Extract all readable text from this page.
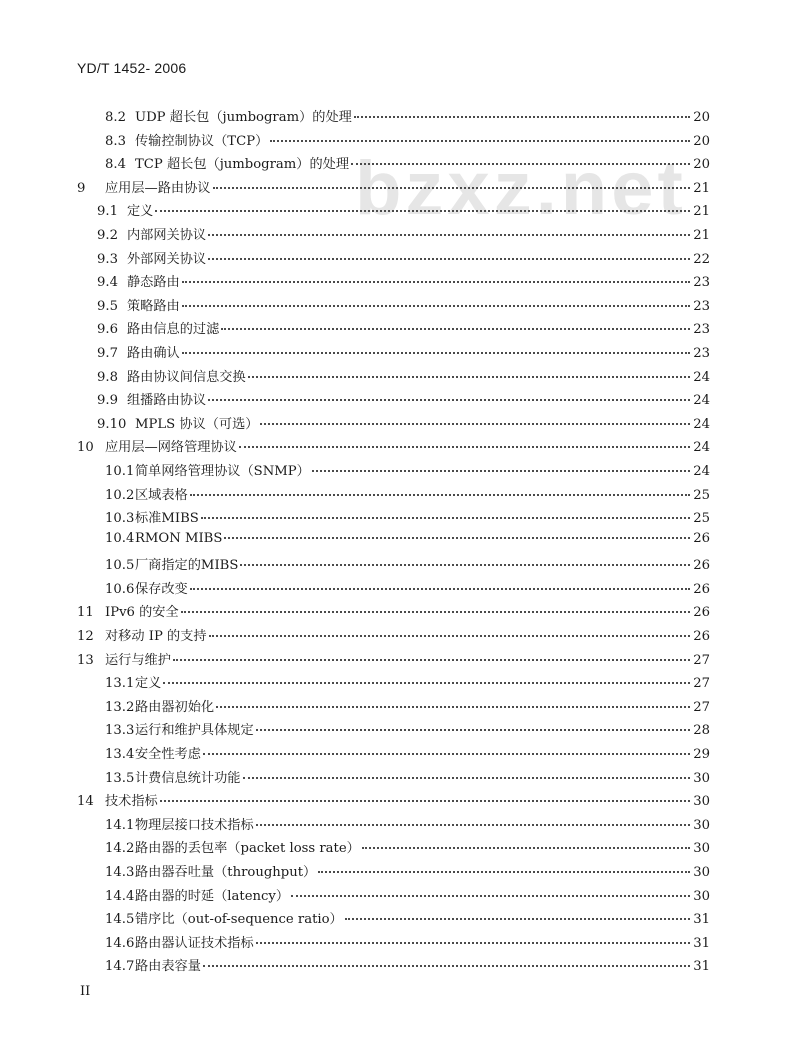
bzxz.net
YD/T 1452- 2006
8.2 UDP 超长包（jumbogram）的处理	20
8.3 传输控制协议（TCP）	20
8.4 TCP 超长包（jumbogram）的处理	20
9	应用层—路由协议	21
9.1 定义	21
9.2 内部网关协议	21
9.3 外部网关协议	22
9.4 静态路由	23
9.5 策略路由	23
9.6 路由信息的过滤	23
9.7 路由确认	23
9.8 路由协议间信息交换	24
9.9 组播路由协议	24
9.10 MPLS 协议（可选）	24
10 应用层—网络管理协议	24
10.1 简单网络管理协议（SNMP）	24
10.2 区域表格	25
10.3 标准MIBS	25
10.4 RMON MIBS	26
10.5 厂商指定的MIBS	26
10.6 保存改变	26
11 IPv6 的安全	26
12 对移动 IP 的支持	26
13 运行与维护	27
13.1 定义	27
13.2 路由器初始化	27
13.3 运行和维护具体规定	28
13.4 安全性考虑	29
13.5 计费信息统计功能	30
14 技术指标	30
14.1 物理层接口技术指标	30
14.2 路由器的丢包率（packet loss rate）	30
14.3 路由器吞吐量（throughput）	30
14.4 路由器的时延（latency）	30
14.5 错序比（out-of-sequence ratio）	31
14.6 路由器认证技术指标	31
14.7 路由表容量	31
II
